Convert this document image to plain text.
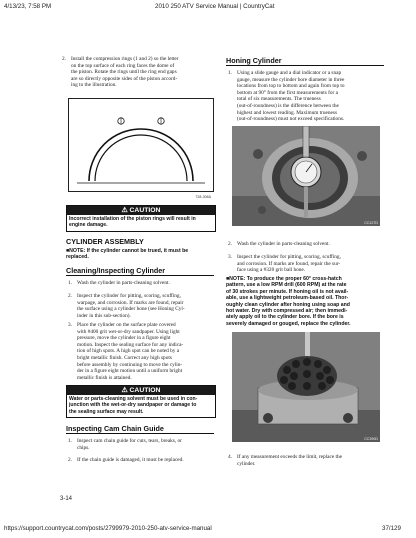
4/13/23, 7:58 PM	2010 250 ATV Service Manual | CountryCat
2. Install the compression rings (1 and 2) so the letter
on the top surface of each ring faces the dome of
the piston. Rotate the rings until the ring end gaps
are so directly opposite sides of the piston accord-
ing to the illustration.
728-306A
⚠ CAUTION
Incorrect installation of the piston rings will result in
engine damage.
CYLINDER ASSEMBLY
■NOTE: If the cylinder cannot be trued, it must be
replaced.
Cleaning/Inspecting Cylinder
1. Wash the cylinder in parts-cleaning solvent.
2. Inspect the cylinder for pitting, scoring, scuffing,
warpage, and corrosion. If marks are found, repair
the surface using a cylinder hone (see Honing Cyl-
inder in this sub-section).
3. Place the cylinder on the surface plate covered
with #400 grit wet-or-dry sandpaper. Using light
pressure, move the cylinder in a figure eight
motion. Inspect the sealing surface for any indica-
tion of high spots. A high spot can be noted by a
bright metallic finish. Correct any high spots
before assembly by continuing to move the cylin-
der in a figure eight motion until a uniform bright
metallic finish is attained.
⚠ CAUTION
Water or parts-cleaning solvent must be used in con-
junction with the wet-or-dry sandpaper or damage to
the sealing surface may result.
Inspecting Cam Chain Guide
1. Inspect cam chain guide for cuts, tears, breaks, or
chips.
2. If the chain guide is damaged, it must be replaced.
Honing Cylinder
1. Using a slide gauge and a dial indicator or a snap
gauge, measure the cylinder bore diameter in three
locations from top to bottom and again from top to
bottom at 90° from the first measurements for a
total of six measurements. The trueness
(out-of-roundness) is the difference between the
highest and lowest reading. Maximum trueness
(out-of-roundness) must not exceed specifications.
CC127D
2. Wash the cylinder in parts-cleaning solvent.
3. Inspect the cylinder for pitting, scoring, scuffing,
and corrosion. If marks are found, repair the sur-
face using a #320 grit ball hone.
■NOTE: To produce the proper 60° cross-hatch
pattern, use a low RPM drill (600 RPM) at the rate
of 30 strokes per minute. If honing oil is not avail-
able, use a lightweight petroleum-based oil. Thor-
oughly clean cylinder after honing using soap and
hot water. Dry with compressed air; then immedi-
ately apply oil to the cylinder bore. If the bore is
severely damaged or gouged, replace the cylinder.
CC390D
4. If any measurement exceeds the limit, replace the
cylinder.
3-14
https://support.countrycat.com/posts/2799979-2010-250-atv-service-manual	37/129
